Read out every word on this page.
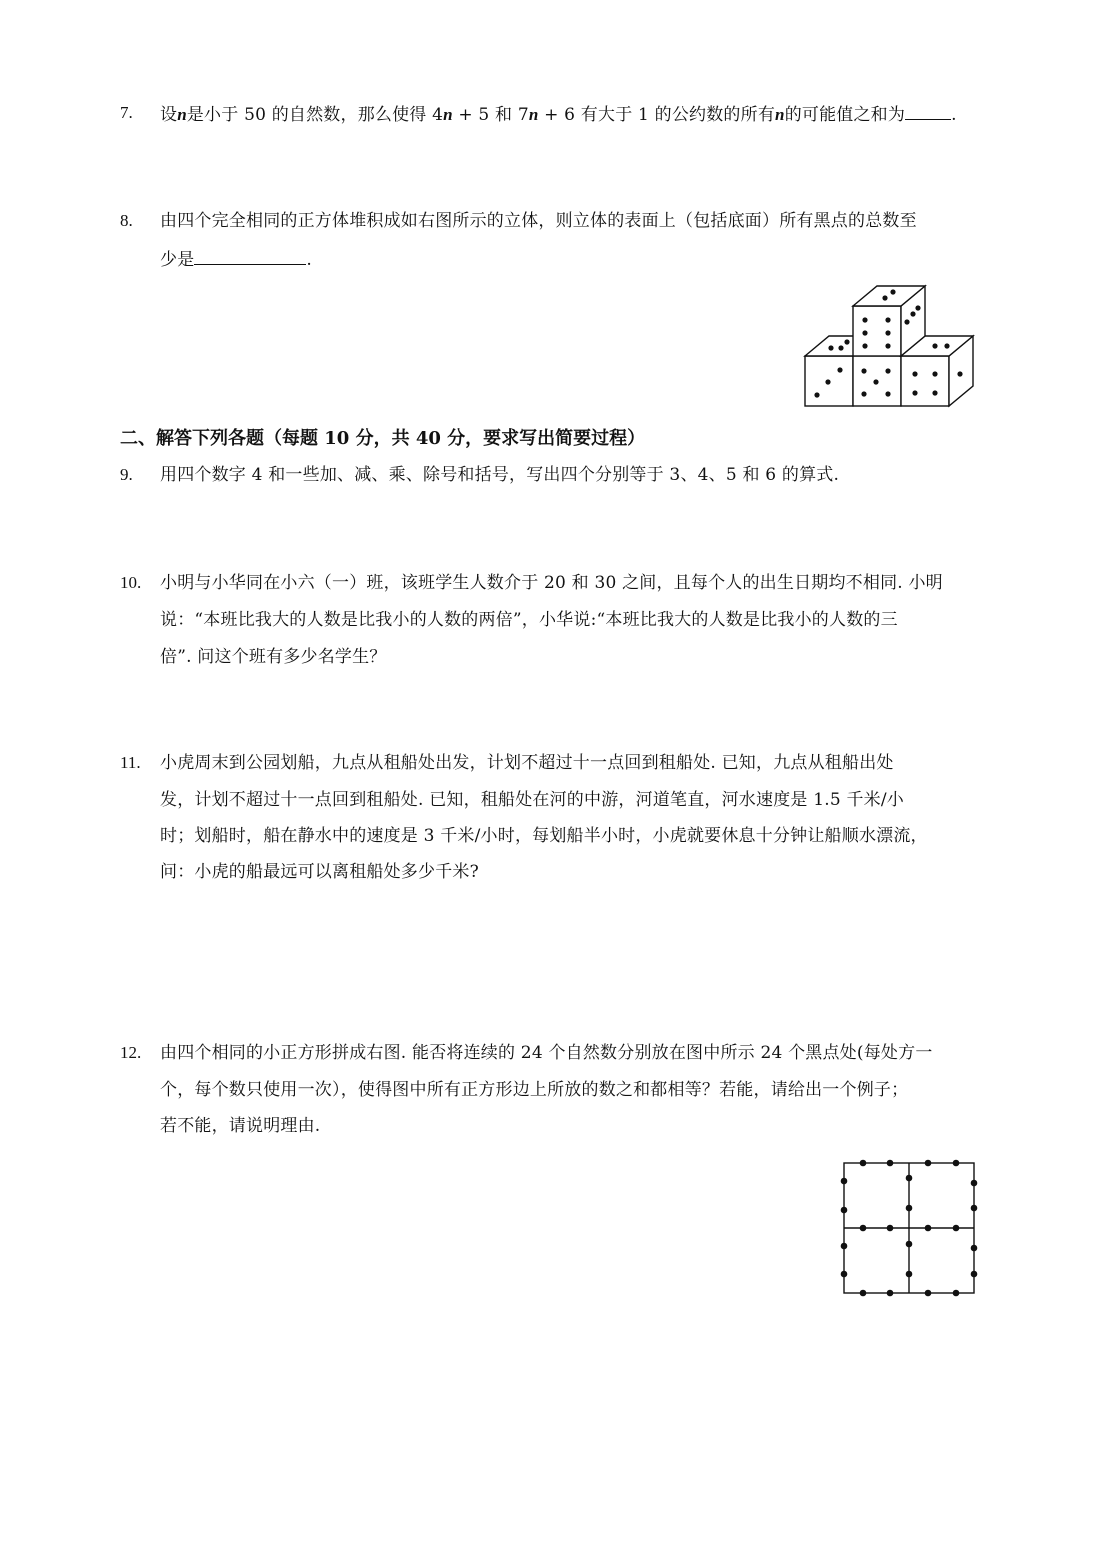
7. 设n是小于 50 的自然数，那么使得 4n + 5 和 7n + 6 有大于 1 的公约数的所有n的可能值之和为	.
8. 由四个完全相同的正方体堆积成如右图所示的立体，则立体的表面上（包括底面）所有黑点的总数至
少是	.
二、解答下列各题（每题 10 分，共 40 分，要求写出简要过程）
9. 用四个数字 4 和一些加、减、乘、除号和括号，写出四个分别等于 3、4、5 和 6 的算式.
10. 小明与小华同在小六（一）班，该班学生人数介于 20 和 30 之间，且每个人的出生日期均不相同. 小明
说：“本班比我大的人数是比我小的人数的两倍”，小华说:“本班比我大的人数是比我小的人数的三
倍”. 问这个班有多少名学生？
11. 小虎周末到公园划船，九点从租船处出发，计划不超过十一点回到租船处. 已知，九点从租船出处
发，计划不超过十一点回到租船处. 已知，租船处在河的中游，河道笔直，河水速度是 1.5 千米/小
时；划船时，船在静水中的速度是 3 千米/小时，每划船半小时，小虎就要休息十分钟让船顺水漂流，
问：小虎的船最远可以离租船处多少千米?
12. 由四个相同的小正方形拼成右图. 能否将连续的 24 个自然数分别放在图中所示 24 个黑点处(每处方一
个，每个数只使用一次），使得图中所有正方形边上所放的数之和都相等？若能，请给出一个例子；
若不能，请说明理由.
